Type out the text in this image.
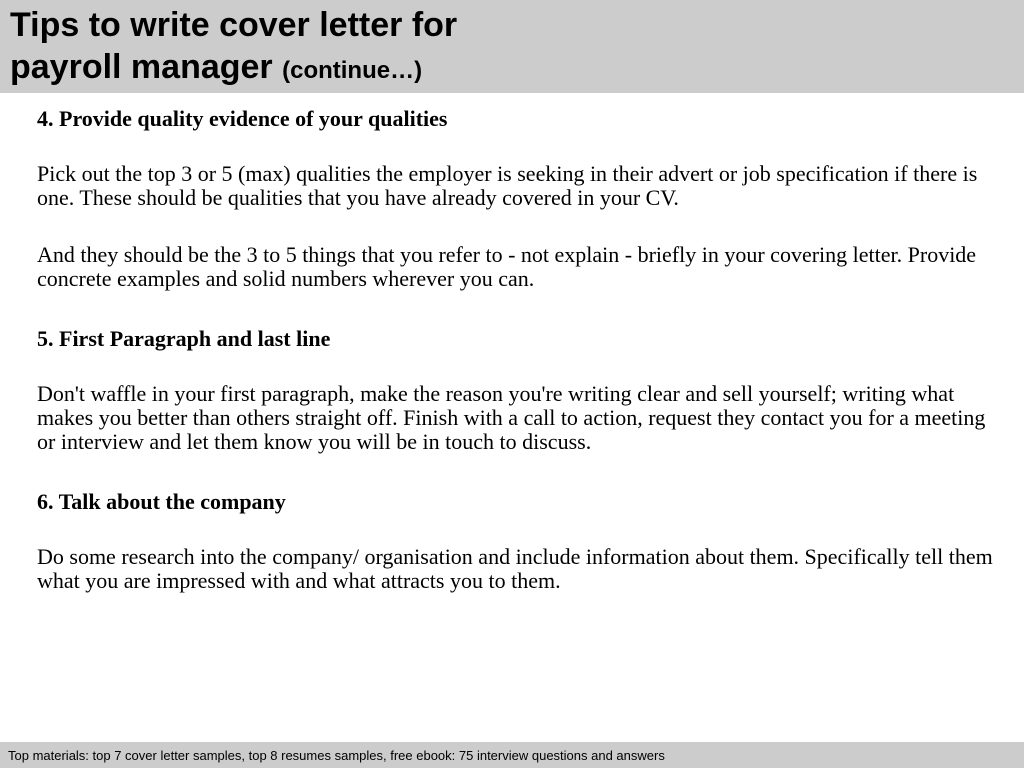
Tips to write cover letter for
payroll manager (continue…)

4. Provide quality evidence of your qualities

Pick out the top 3 or 5 (max) qualities the employer is seeking in their advert or job specification if there is one. These should be qualities that you have already covered in your CV.

And they should be the 3 to 5 things that you refer to - not explain - briefly in your covering letter. Provide concrete examples and solid numbers wherever you can.

5. First Paragraph and last line

Don't waffle in your first paragraph, make the reason you're writing clear and sell yourself; writing what makes you better than others straight off. Finish with a call to action, request they contact you for a meeting or interview and let them know you will be in touch to discuss.

6. Talk about the company

Do some research into the company/ organisation and include information about them. Specifically tell them what you are impressed with and what attracts you to them.

Top materials: top 7 cover letter samples, top 8 resumes samples, free ebook: 75 interview questions and answers
